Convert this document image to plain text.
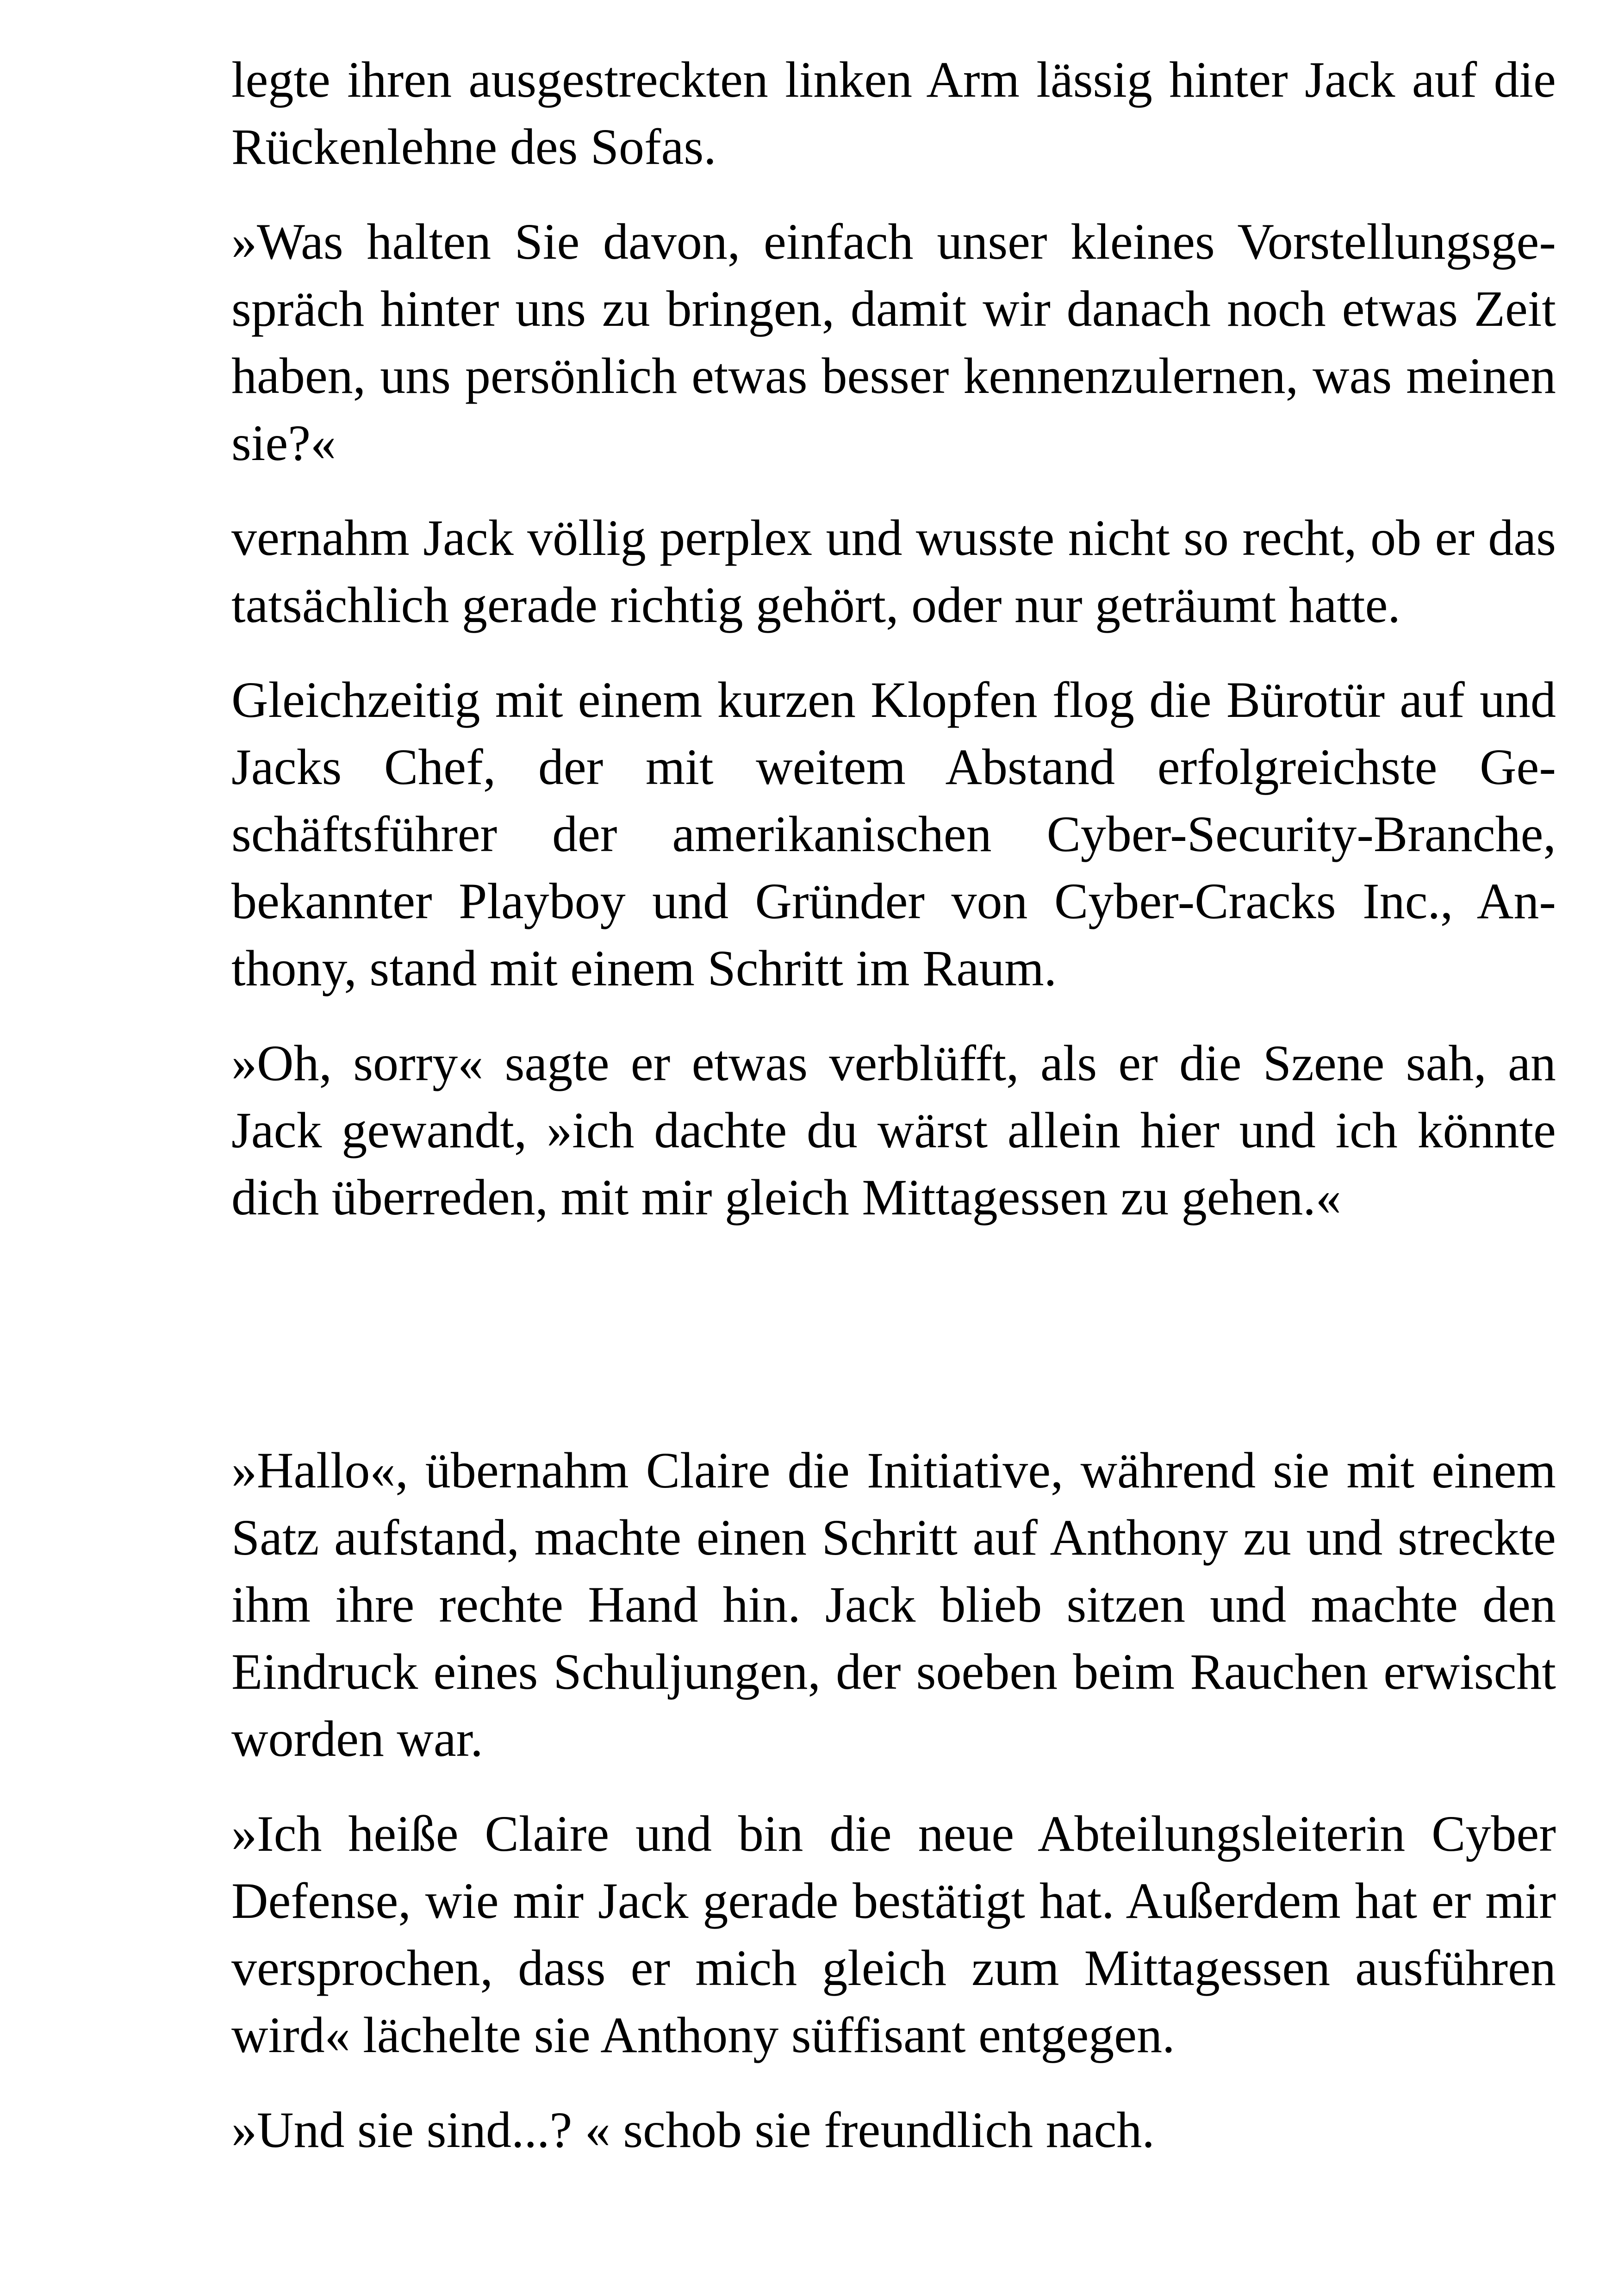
legte ihren ausgestreckten linken Arm lässig hinter Jack auf die Rückenlehne des Sofas.

»Was halten Sie davon, einfach unser kleines Vorstellungsgespräch hinter uns zu bringen, damit wir danach noch etwas Zeit haben, uns persönlich etwas besser kennenzulernen, was meinen sie?«

vernahm Jack völlig perplex und wusste nicht so recht, ob er das tatsächlich gerade richtig gehört, oder nur geträumt hatte.

Gleichzeitig mit einem kurzen Klopfen flog die Bürotür auf und Jacks Chef, der mit weitem Abstand erfolgreichste Geschäftsführer der amerikanischen Cyber-Security-Branche, bekannter Playboy und Gründer von Cyber-Cracks Inc., Anthony, stand mit einem Schritt im Raum.

»Oh, sorry« sagte er etwas verblüfft, als er die Szene sah, an Jack gewandt, »ich dachte du wärst allein hier und ich könnte dich überreden, mit mir gleich Mittagessen zu gehen.«

»Hallo«, übernahm Claire die Initiative, während sie mit einem Satz aufstand, machte einen Schritt auf Anthony zu und streckte ihm ihre rechte Hand hin. Jack blieb sitzen und machte den Eindruck eines Schuljungen, der soeben beim Rauchen erwischt worden war.

»Ich heiße Claire und bin die neue Abteilungsleiterin Cyber Defense, wie mir Jack gerade bestätigt hat. Außerdem hat er mir versprochen, dass er mich gleich zum Mittagessen ausführen wird« lächelte sie Anthony süffisant entgegen.

»Und sie sind...? « schob sie freundlich nach.
